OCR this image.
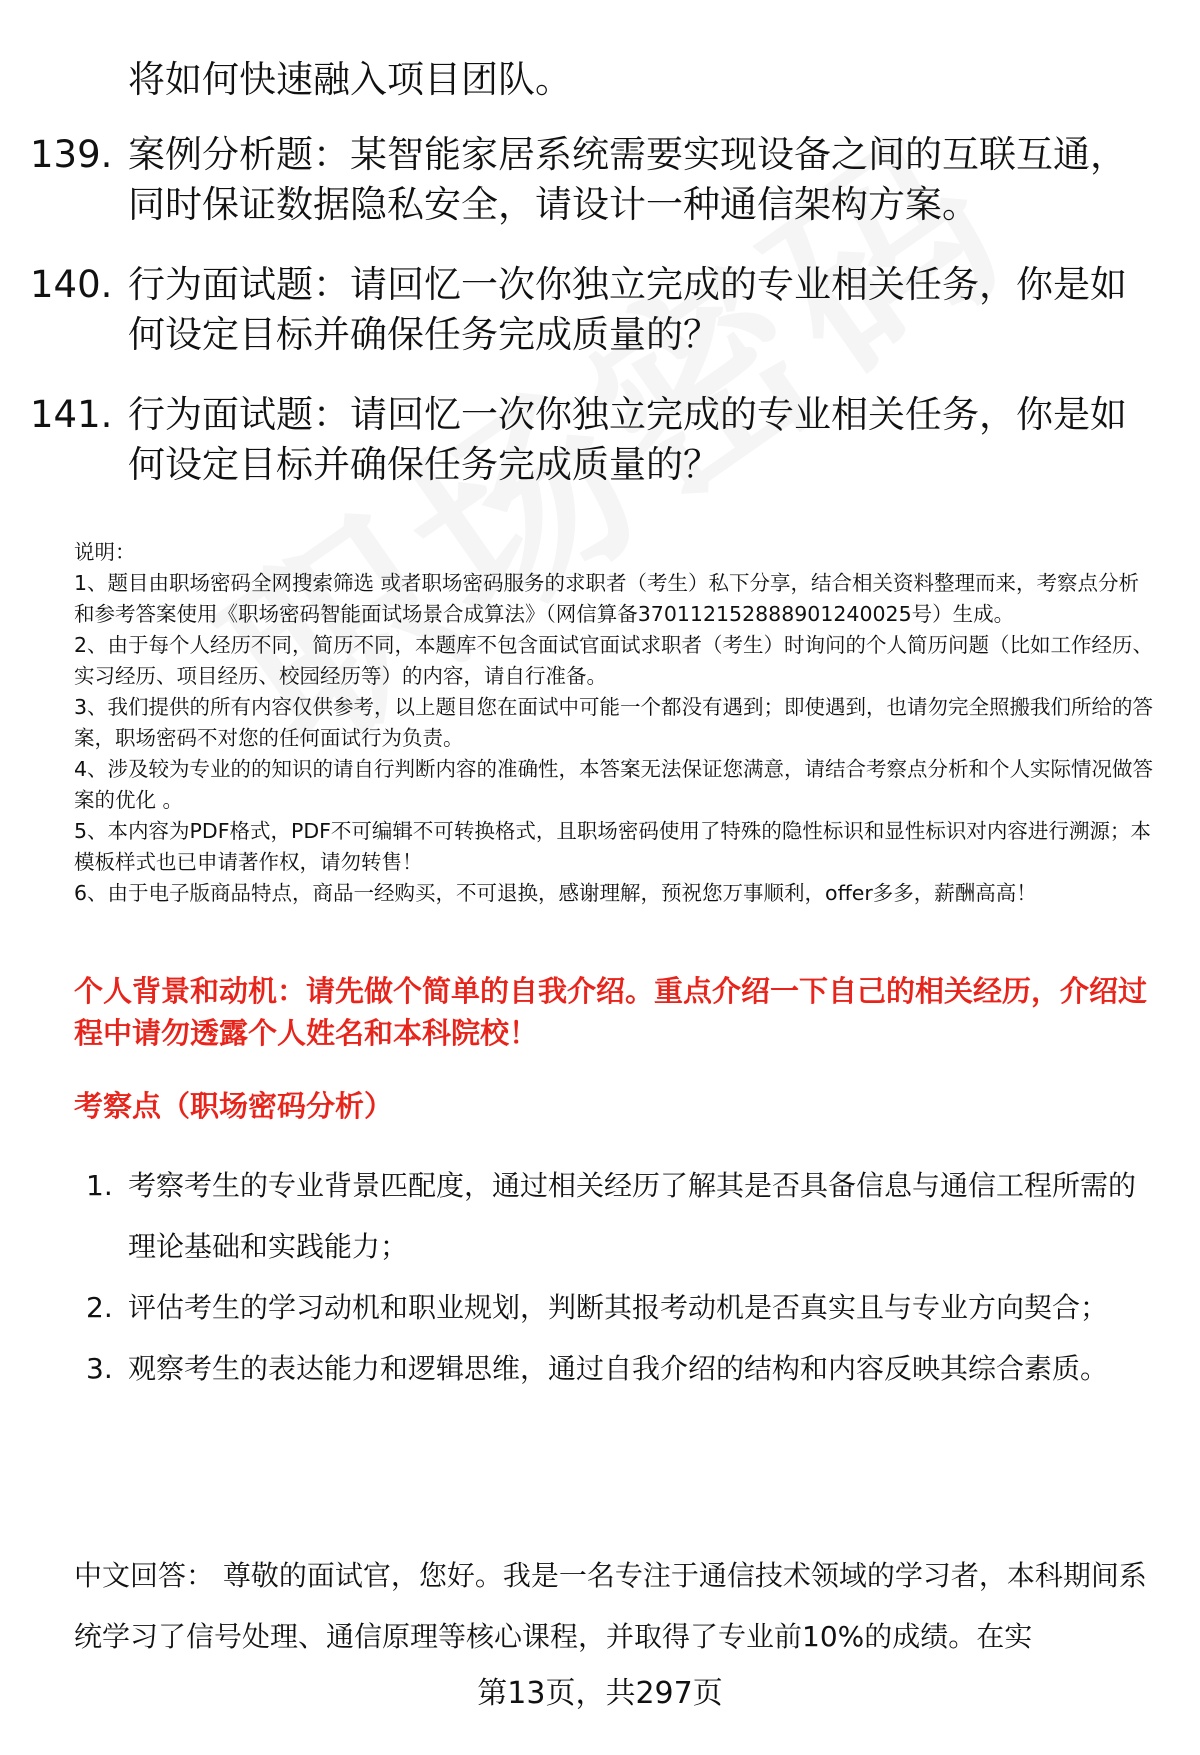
将如何快速融入项目团队。
139. 案例分析题：某智能家居系统需要实现设备之间的互联互通，同时保证数据隐私安全，请设计一种通信架构方案。
140. 行为面试题：请回忆一次你独立完成的专业相关任务，你是如何设定目标并确保任务完成质量的？
141. 行为面试题：请回忆一次你独立完成的专业相关任务，你是如何设定目标并确保任务完成质量的？
说明：
1、题目由职场密码全网搜索筛选 或者职场密码服务的求职者（考生）私下分享，结合相关资料整理而来，考察点分析和参考答案使用《职场密码智能面试场景合成算法》（网信算备370112152888901240025号）生成。
2、由于每个人经历不同，简历不同，本题库不包含面试官面试求职者（考生）时询问的个人简历问题（比如工作经历、实习经历、项目经历、校园经历等）的内容，请自行准备。
3、我们提供的所有内容仅供参考，以上题目您在面试中可能一个都没有遇到；即使遇到，也请勿完全照搬我们所给的答案，职场密码不对您的任何面试行为负责。
4、涉及较为专业的的知识的请自行判断内容的准确性，本答案无法保证您满意，请结合考察点分析和个人实际情况做答案的优化 。
5、本内容为PDF格式，PDF不可编辑不可转换格式，且职场密码使用了特殊的隐性标识和显性标识对内容进行溯源；本模板样式也已申请著作权，请勿转售！
6、由于电子版商品特点，商品一经购买，不可退换，感谢理解，预祝您万事顺利，offer多多，薪酬高高！
个人背景和动机：请先做个简单的自我介绍。重点介绍一下自己的相关经历，介绍过程中请勿透露个人姓名和本科院校！
考察点（职场密码分析）
1. 考察考生的专业背景匹配度，通过相关经历了解其是否具备信息与通信工程所需的理论基础和实践能力；
2. 评估考生的学习动机和职业规划，判断其报考动机是否真实且与专业方向契合；
3. 观察考生的表达能力和逻辑思维，通过自我介绍的结构和内容反映其综合素质。
中文回答： 尊敬的面试官，您好。我是一名专注于通信技术领域的学习者，本科期间系统学习了信号处理、通信原理等核心课程，并取得了专业前10%的成绩。在实
第13页，共297页
